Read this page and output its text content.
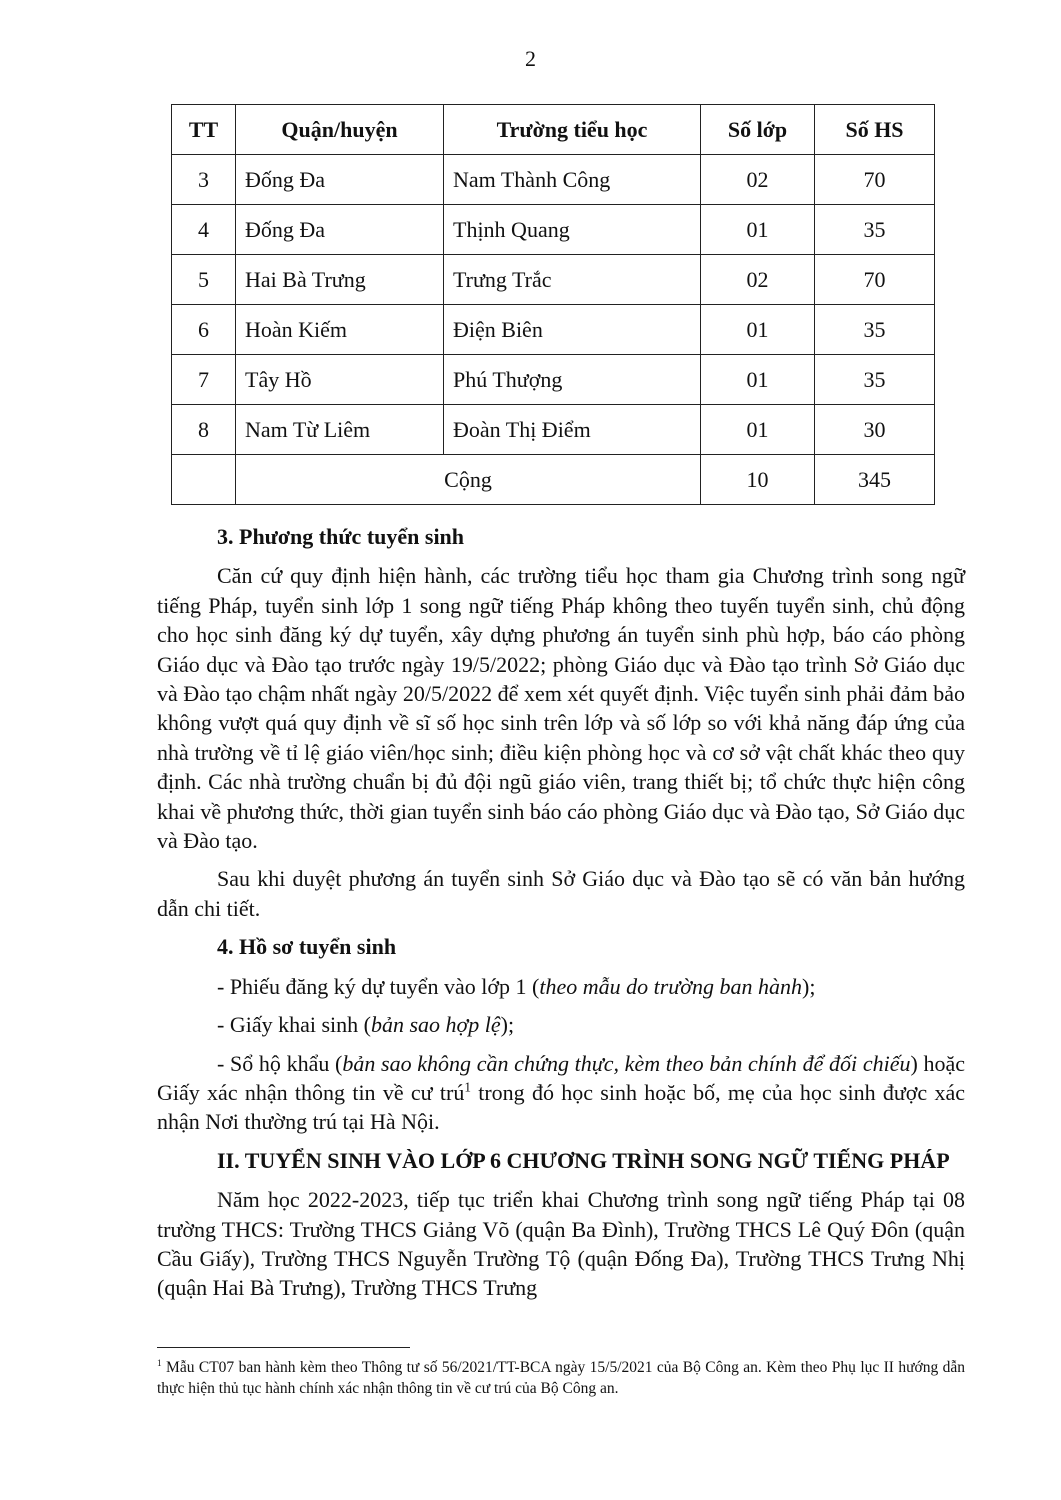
2
TT	Quận/huyện	Trường tiểu học	Số lớp	Số HS
3	Đống Đa	Nam Thành Công	02	70
4	Đống Đa	Thịnh Quang	01	35
5	Hai Bà Trưng	Trưng Trắc	02	70
6	Hoàn Kiếm	Điện Biên	01	35
7	Tây Hồ	Phú Thượng	01	35
8	Nam Từ Liêm	Đoàn Thị Điểm	01	30
	Cộng		10	345

3. Phương thức tuyển sinh

Căn cứ quy định hiện hành, các trường tiểu học tham gia Chương trình song ngữ tiếng Pháp, tuyển sinh lớp 1 song ngữ tiếng Pháp không theo tuyến tuyển sinh, chủ động cho học sinh đăng ký dự tuyển, xây dựng phương án tuyển sinh phù hợp, báo cáo phòng Giáo dục và Đào tạo trước ngày 19/5/2022; phòng Giáo dục và Đào tạo trình Sở Giáo dục và Đào tạo chậm nhất ngày 20/5/2022 để xem xét quyết định. Việc tuyển sinh phải đảm bảo không vượt quá quy định về sĩ số học sinh trên lớp và số lớp so với khả năng đáp ứng của nhà trường về tỉ lệ giáo viên/học sinh; điều kiện phòng học và cơ sở vật chất khác theo quy định. Các nhà trường chuẩn bị đủ đội ngũ giáo viên, trang thiết bị; tổ chức thực hiện công khai về phương thức, thời gian tuyển sinh báo cáo phòng Giáo dục và Đào tạo, Sở Giáo dục và Đào tạo.

Sau khi duyệt phương án tuyển sinh Sở Giáo dục và Đào tạo sẽ có văn bản hướng dẫn chi tiết.

4. Hồ sơ tuyển sinh

- Phiếu đăng ký dự tuyển vào lớp 1 (theo mẫu do trường ban hành);

- Giấy khai sinh (bản sao hợp lệ);

- Sổ hộ khẩu (bản sao không cần chứng thực, kèm theo bản chính để đối chiếu) hoặc Giấy xác nhận thông tin về cư trú$^1$ trong đó học sinh hoặc bố, mẹ của học sinh được xác nhận Nơi thường trú tại Hà Nội.

II. TUYỂN SINH VÀO LỚP 6 CHƯƠNG TRÌNH SONG NGỮ TIẾNG PHÁP

Năm học 2022-2023, tiếp tục triển khai Chương trình song ngữ tiếng Pháp tại 08 trường THCS: Trường THCS Giảng Võ (quận Ba Đình), Trường THCS Lê Quý Đôn (quận Cầu Giấy), Trường THCS Nguyễn Trường Tộ (quận Đống Đa), Trường THCS Trưng Nhị (quận Hai Bà Trưng), Trường THCS Trưng

$^1$ Mẫu CT07 ban hành kèm theo Thông tư số 56/2021/TT-BCA ngày 15/5/2021 của Bộ Công an. Kèm theo Phụ lục II hướng dẫn thực hiện thủ tục hành chính xác nhận thông tin về cư trú của Bộ Công an.
